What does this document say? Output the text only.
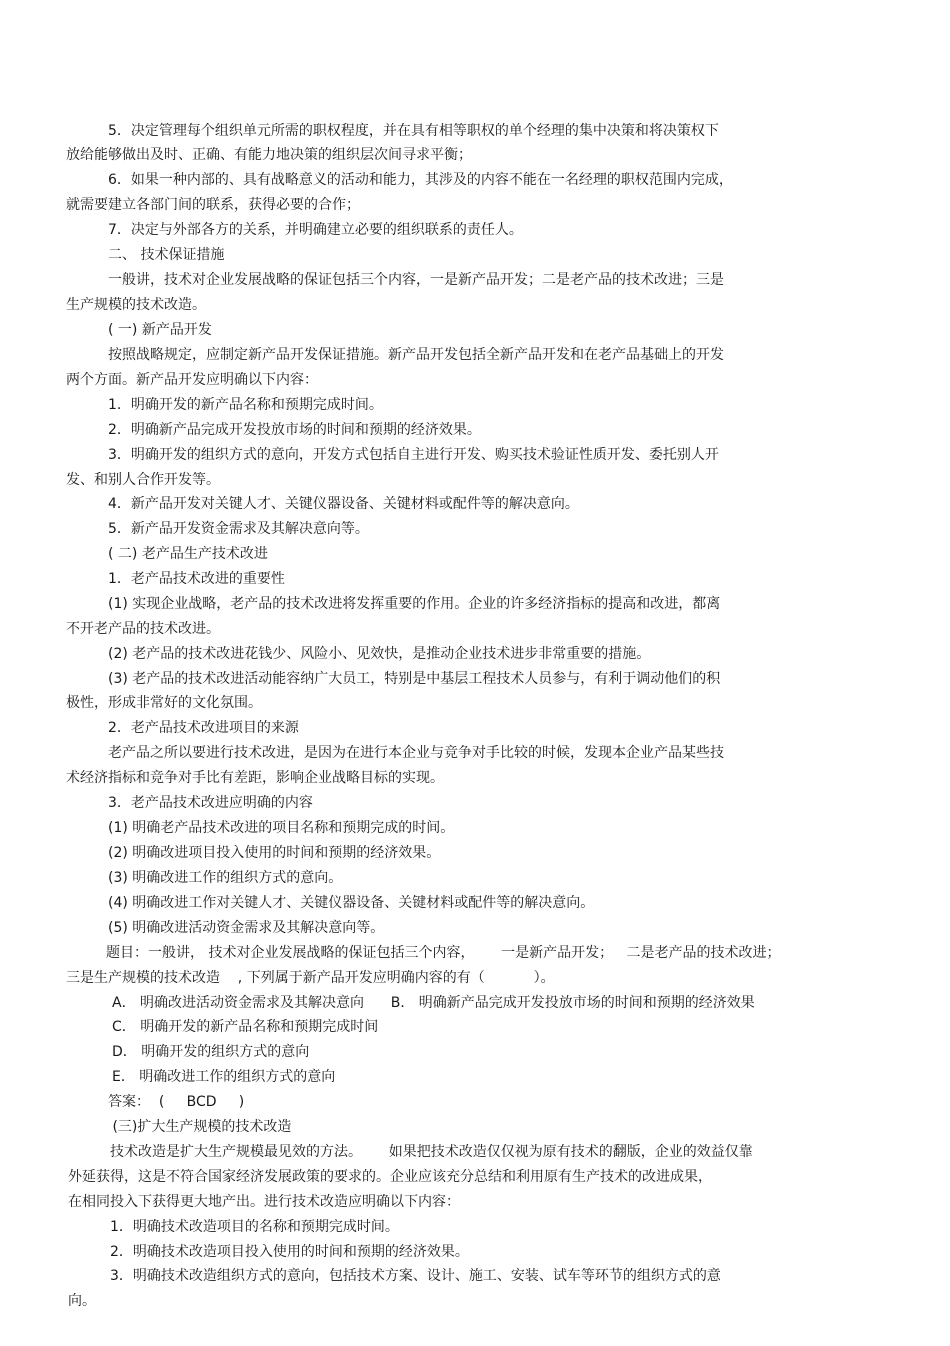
5．决定管理每个组织单元所需的职权程度，并在具有相等职权的单个经理的集中决策和将决策权下
放给能够做出及时、正确、有能力地决策的组织层次间寻求平衡；
6．如果一种内部的、具有战略意义的活动和能力，其涉及的内容不能在一名经理的职权范围内完成，
就需要建立各部门间的联系，获得必要的合作；
7．决定与外部各方的关系，并明确建立必要的组织联系的责任人。
二、 技术保证措施
一般讲，技术对企业发展战略的保证包括三个内容，一是新产品开发；二是老产品的技术改进；三是
生产规模的技术改造。
( 一) 新产品开发
按照战略规定，应制定新产品开发保证措施。新产品开发包括全新产品开发和在老产品基础上的开发
两个方面。新产品开发应明确以下内容：
1．明确开发的新产品名称和预期完成时间。
2．明确新产品完成开发投放市场的时间和预期的经济效果。
3．明确开发的组织方式的意向，开发方式包括自主进行开发、购买技术验证性质开发、委托别人开
发、和别人合作开发等。
4．新产品开发对关键人才、关键仪器设备、关键材料或配件等的解决意向。
5．新产品开发资金需求及其解决意向等。
( 二) 老产品生产技术改进
1．老产品技术改进的重要性
(1) 实现企业战略，老产品的技术改进将发挥重要的作用。企业的许多经济指标的提高和改进，都离
不开老产品的技术改进。
(2) 老产品的技术改进花钱少、风险小、见效快，是推动企业技术进步非常重要的措施。
(3) 老产品的技术改进活动能容纳广大员工，特别是中基层工程技术人员参与，有利于调动他们的积
极性，形成非常好的文化氛围。
2．老产品技术改进项目的来源
老产品之所以要进行技术改进，是因为在进行本企业与竞争对手比较的时候，发现本企业产品某些技
术经济指标和竞争对手比有差距，影响企业战略目标的实现。
3．老产品技术改进应明确的内容
(1) 明确老产品技术改进的项目名称和预期完成的时间。
(2) 明确改进项目投入使用的时间和预期的经济效果。
(3) 明确改进工作的组织方式的意向。
(4) 明确改进工作对关键人才、关键仪器设备、关键材料或配件等的解决意向。
(5) 明确改进活动资金需求及其解决意向等。
题目：一般讲， 技术对企业发展战略的保证包括三个内容，      一是新产品开发；   二是老产品的技术改进；
三是生产规模的技术改造    , 下列属于新产品开发应明确内容的有（           ）。
A． 明确改进活动资金需求及其解决意向      B． 明确新产品完成开发投放市场的时间和预期的经济效果
C． 明确开发的新产品名称和预期完成时间
D． 明确开发的组织方式的意向
E． 明确改进工作的组织方式的意向
答案：  (     BCD     )
(三)扩大生产规模的技术改造
技术改造是扩大生产规模最见效的方法。      如果把技术改造仅仅视为原有技术的翻版，企业的效益仅靠
外延获得，这是不符合国家经济发展政策的要求的。企业应该充分总结和利用原有生产技术的改进成果，
在相同投入下获得更大地产出。进行技术改造应明确以下内容：
1．明确技术改造项目的名称和预期完成时间。
2．明确技术改造项目投入使用的时间和预期的经济效果。
3．明确技术改造组织方式的意向，包括技术方案、设计、施工、安装、试车等环节的组织方式的意
向。
